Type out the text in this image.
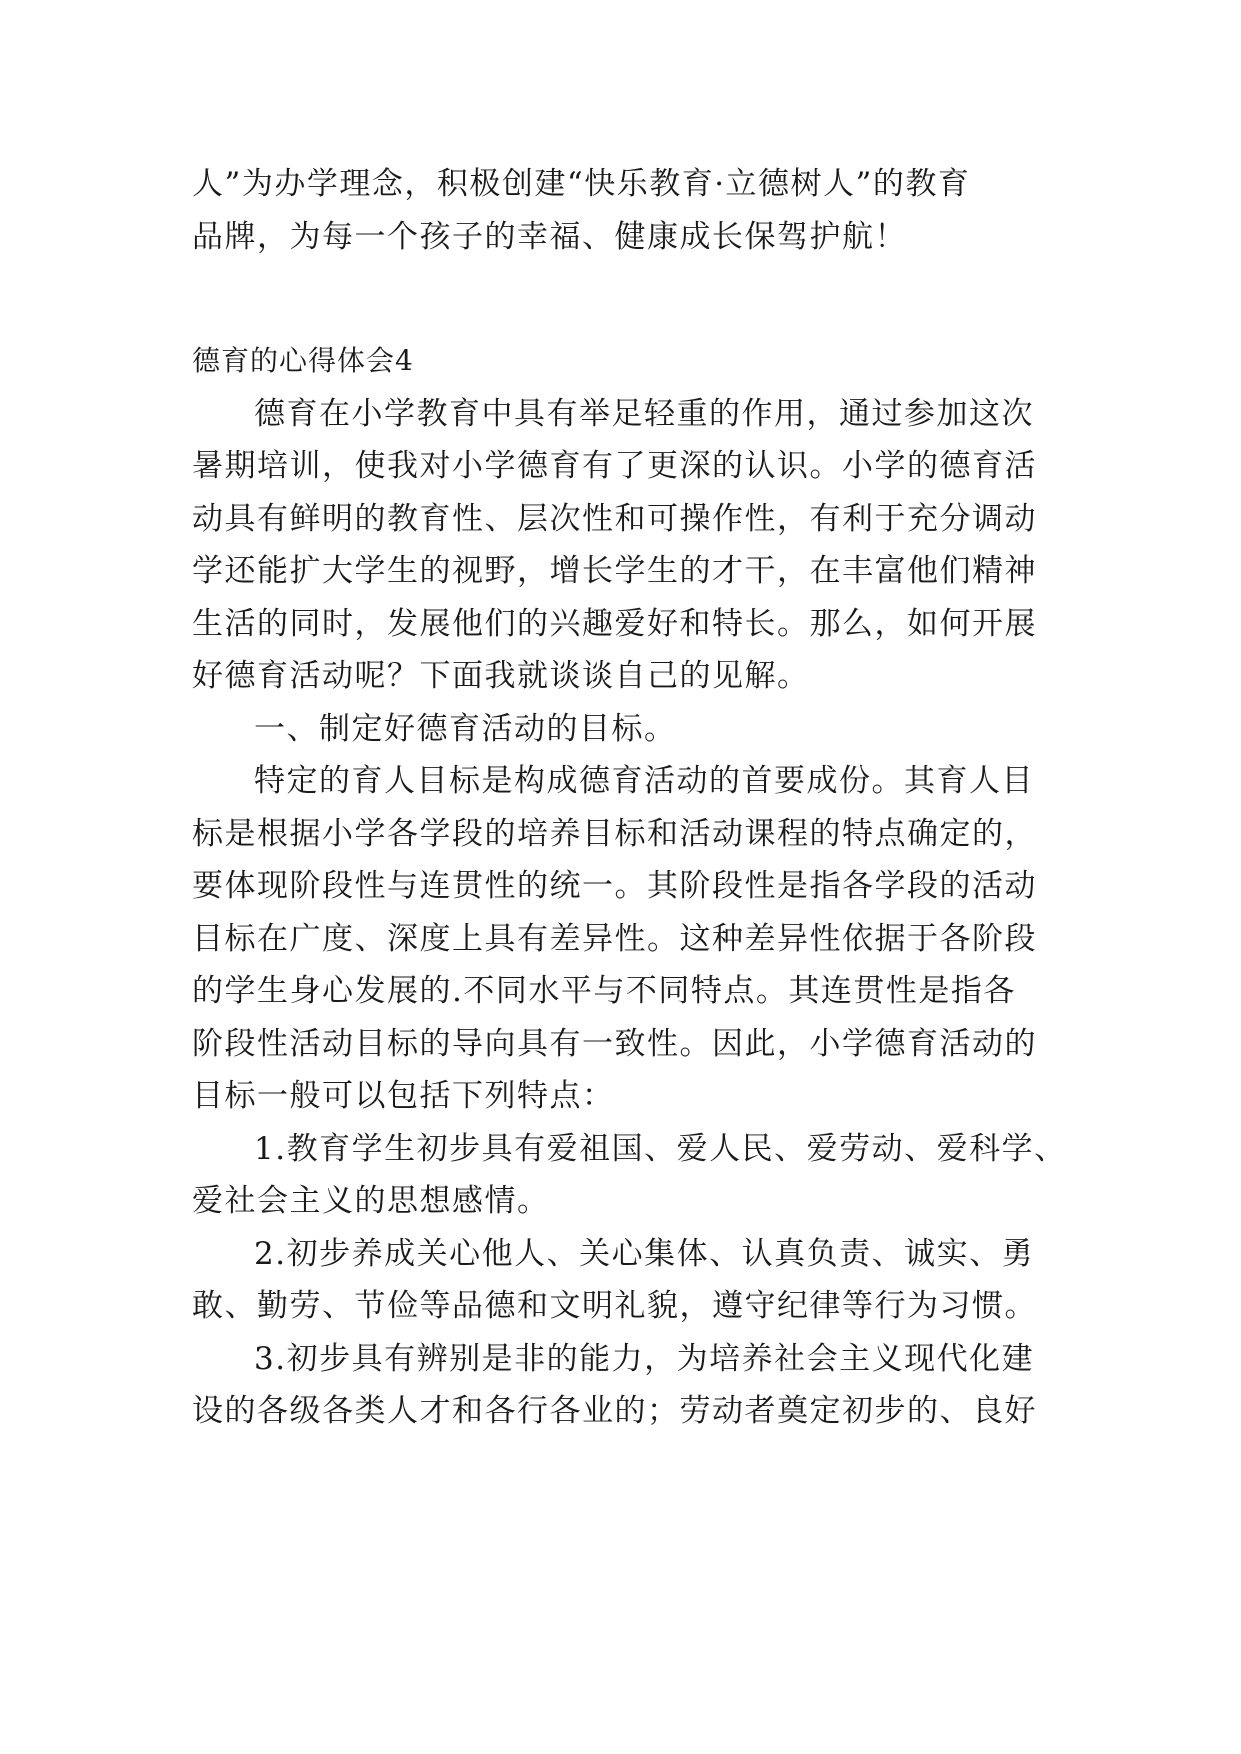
人”为办学理念，积极创建“快乐教育·立德树人”的教育

品牌，为每一个孩子的幸福、健康成长保驾护航！

德育的心得体会4

德育在小学教育中具有举足轻重的作用，通过参加这次

暑期培训，使我对小学德育有了更深的认识。小学的德育活

动具有鲜明的教育性、层次性和可操作性，有利于充分调动

学还能扩大学生的视野，增长学生的才干，在丰富他们精神

生活的同时，发展他们的兴趣爱好和特长。那么，如何开展

好德育活动呢？下面我就谈谈自己的见解。

一、制定好德育活动的目标。

特定的育人目标是构成德育活动的首要成份。其育人目

标是根据小学各学段的培养目标和活动课程的特点确定的，

要体现阶段性与连贯性的统一。其阶段性是指各学段的活动

目标在广度、深度上具有差异性。这种差异性依据于各阶段

的学生身心发展的.不同水平与不同特点。其连贯性是指各

阶段性活动目标的导向具有一致性。因此，小学德育活动的

目标一般可以包括下列特点：

1.教育学生初步具有爱祖国、爱人民、爱劳动、爱科学、

爱社会主义的思想感情。

2.初步养成关心他人、关心集体、认真负责、诚实、勇

敢、勤劳、节俭等品德和文明礼貌，遵守纪律等行为习惯。

3.初步具有辨别是非的能力，为培养社会主义现代化建

设的各级各类人才和各行各业的；劳动者奠定初步的、良好
